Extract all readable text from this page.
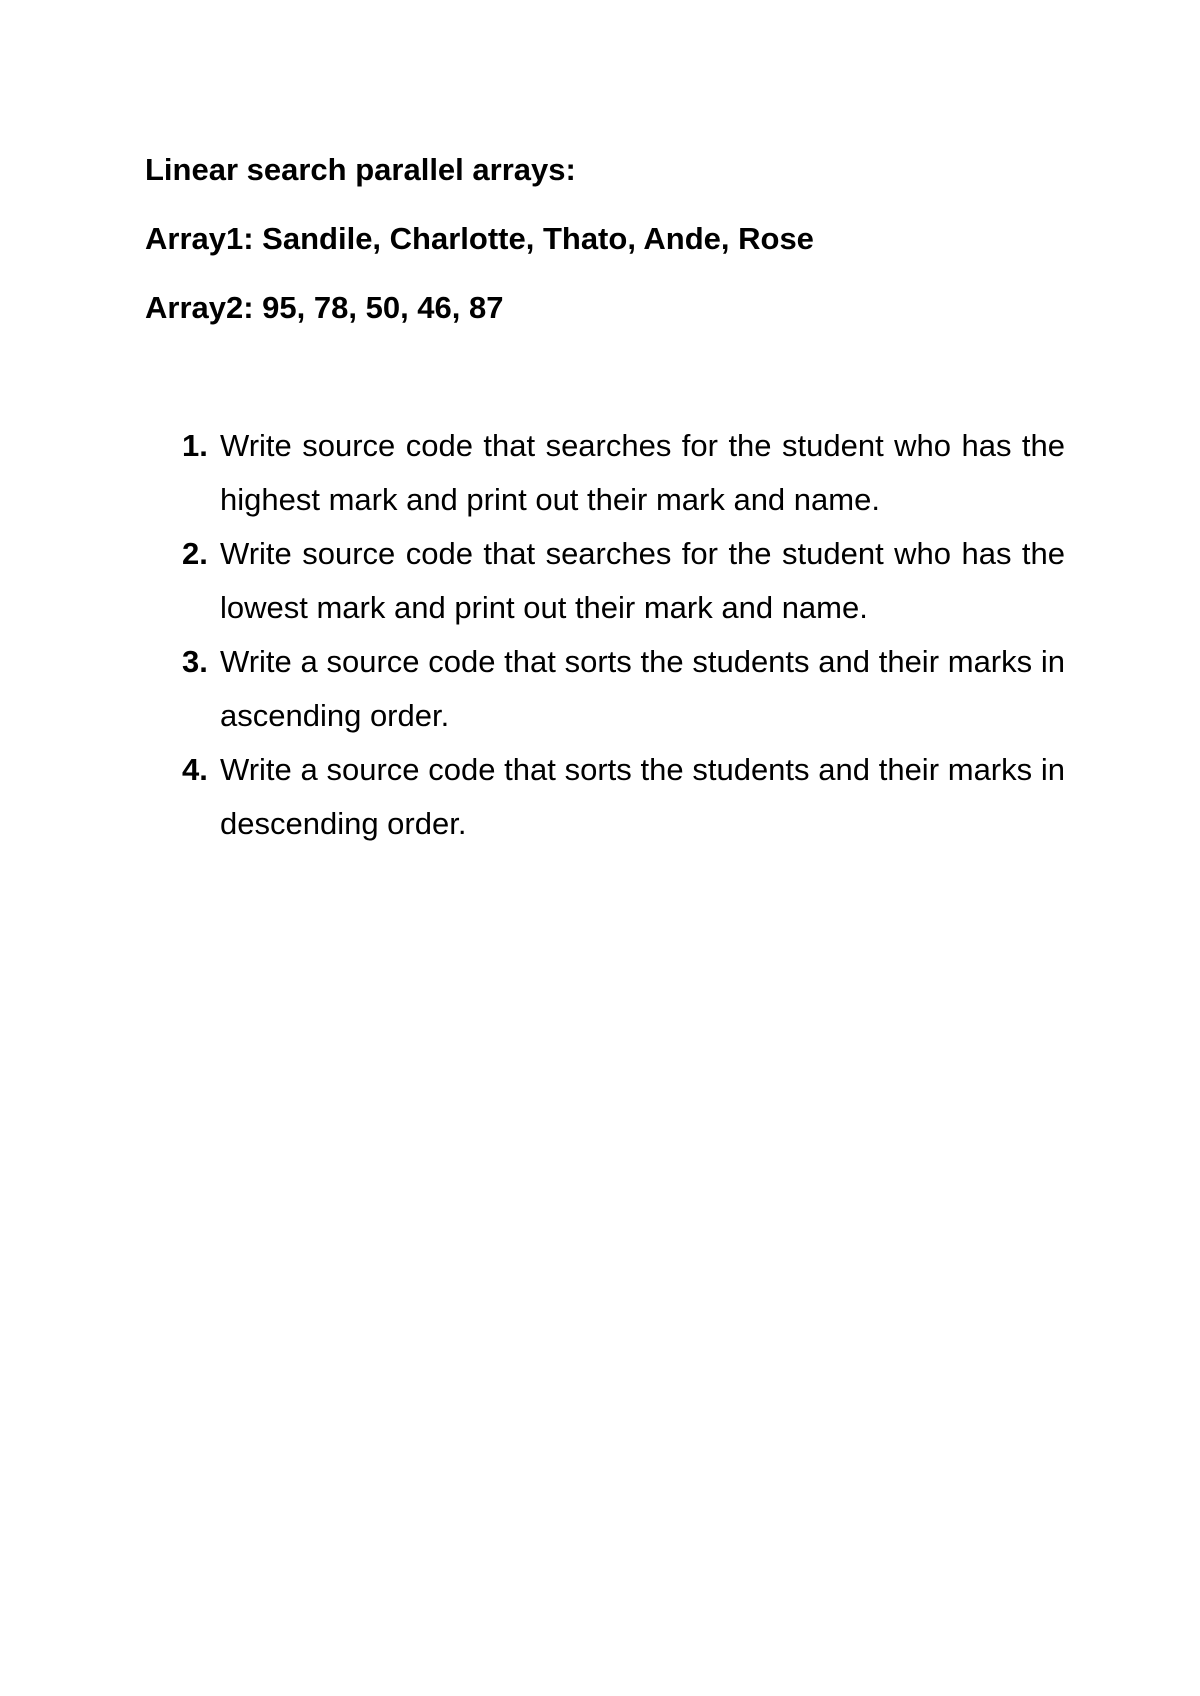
Linear search parallel arrays:

Array1: Sandile, Charlotte, Thato, Ande, Rose

Array2: 95, 78, 50, 46, 87

1. Write source code that searches for the student who has the highest mark and print out their mark and name.
2. Write source code that searches for the student who has the lowest mark and print out their mark and name.
3. Write a source code that sorts the students and their marks in ascending order.
4. Write a source code that sorts the students and their marks in descending order.
